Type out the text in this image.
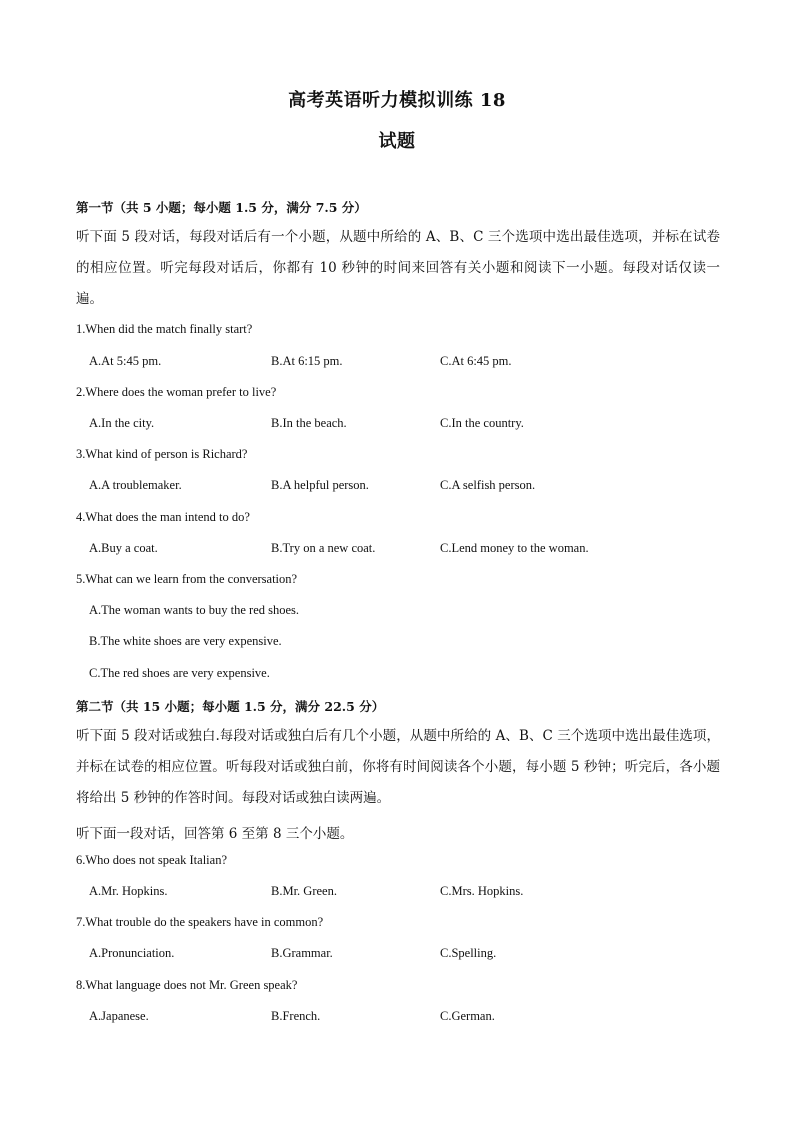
高考英语听力模拟训练 18
试题
第一节（共 5 小题；每小题 1.5 分，满分 7.5 分）
听下面 5 段对话，每段对话后有一个小题，从题中所给的 A、B、C 三个选项中选出最佳选项，并标在试卷的相应位置。听完每段对话后，你都有 10 秒钟的时间来回答有关小题和阅读下一小题。每段对话仅读一遍。
1.When did the match finally start?
A.At 5:45 pm.	B.At 6:15 pm.	C.At 6:45 pm.
2.Where does the woman prefer to live?
A.In the city.	B.In the beach.	C.In the country.
3.What kind of person is Richard?
A.A troublemaker.	B.A helpful person.	C.A selfish person.
4.What does the man intend to do?
A.Buy a coat.	B.Try on a new coat.	C.Lend money to the woman.
5.What can we learn from the conversation?
A.The woman wants to buy the red shoes.
B.The white shoes are very expensive.
C.The red shoes are very expensive.
第二节（共 15 小题；每小题 1.5 分，满分 22.5 分）
听下面 5 段对话或独白.每段对话或独白后有几个小题，从题中所给的 A、B、C 三个选项中选出最佳选项，并标在试卷的相应位置。听每段对话或独白前，你将有时间阅读各个小题，每小题 5 秒钟；听完后，各小题将给出 5 秒钟的作答时间。每段对话或独白读两遍。
听下面一段对话，回答第 6 至第 8 三个小题。
6.Who does not speak Italian?
A.Mr. Hopkins.	B.Mr. Green.	C.Mrs. Hopkins.
7.What trouble do the speakers have in common?
A.Pronunciation.	B.Grammar.	C.Spelling.
8.What language does not Mr. Green speak?
A.Japanese.	B.French.	C.German.
